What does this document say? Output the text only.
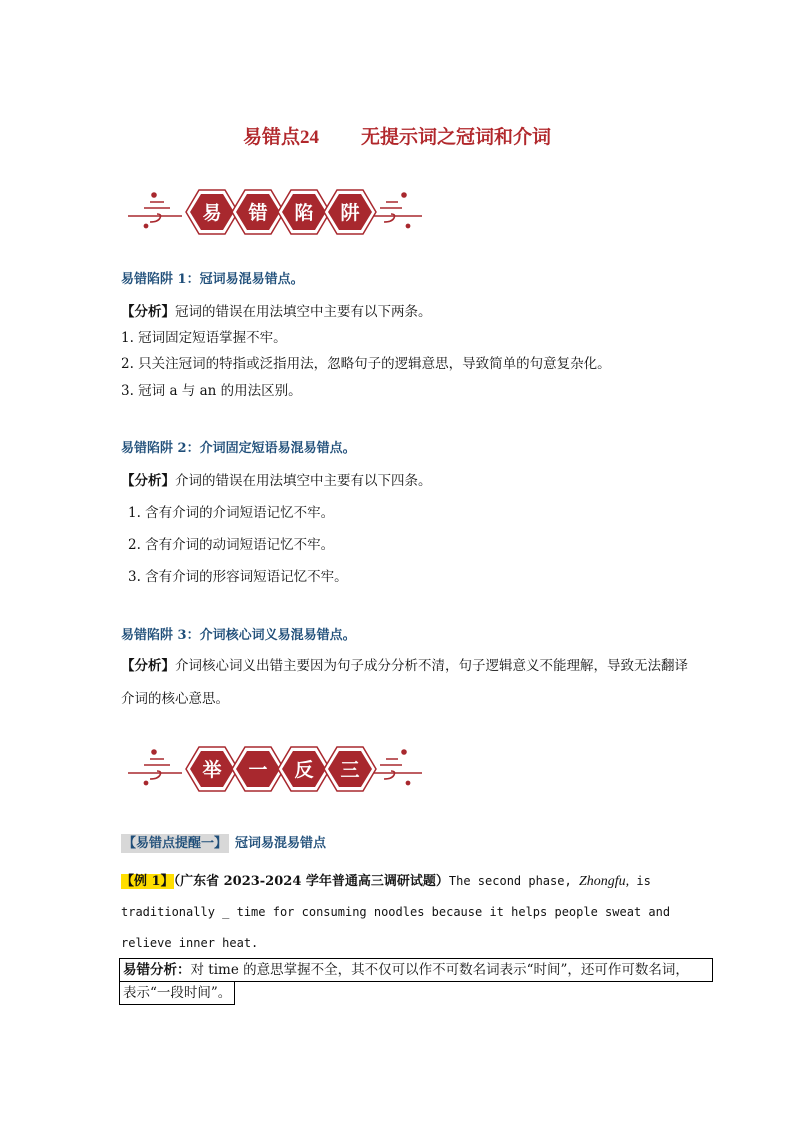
易错点24 无提示词之冠词和介词
易 错 陷 阱
易错陷阱 1：冠词易混易错点。
【分析】冠词的错误在用法填空中主要有以下两条。
1. 冠词固定短语掌握不牢。
2. 只关注冠词的特指或泛指用法，忽略句子的逻辑意思，导致简单的句意复杂化。
3. 冠词 a 与 an 的用法区别。
易错陷阱 2：介词固定短语易混易错点。
【分析】介词的错误在用法填空中主要有以下四条。
1. 含有介词的介词短语记忆不牢。
2. 含有介词的动词短语记忆不牢。
3. 含有介词的形容词短语记忆不牢。
易错陷阱 3：介词核心词义易混易错点。
【分析】介词核心词义出错主要因为句子成分分析不清，句子逻辑意义不能理解，导致无法翻译介词的核心意思。
举 一 反 三
【易错点提醒一】 冠词易混易错点
【例 1】（广东省 2023-2024 学年普通高三调研试题）The second phase, Zhongfu, is traditionally _ time for consuming noodles because it helps people sweat and relieve inner heat.
易错分析：对 time 的意思掌握不全，其不仅可以作不可数名词表示“时间”，还可作可数名词，
表示“一段时间”。
